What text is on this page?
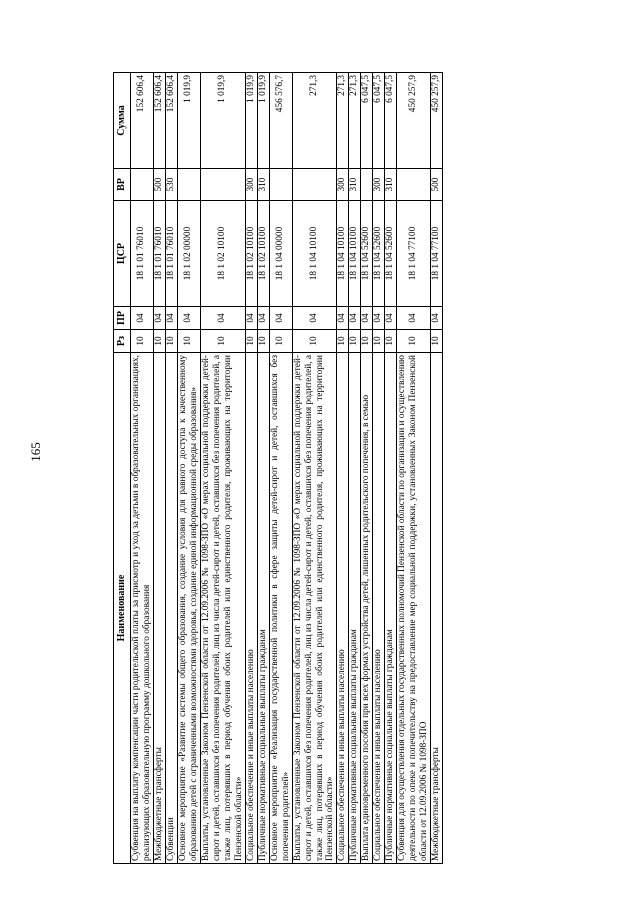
165
Наименование	Рз	ПР	ЦСР	ВР	Сумма
Субвенция на выплату компенсации части родительской платы за присмотр и уход за детьми в образовательных организациях, реализующих образовательную программу дошкольного образования	10	04	18 1 01 76010		152 606,4
Межбюджетные трансферты	10	04	18 1 01 76010	500	152 606,4
Субвенции	10	04	18 1 01 76010	530	152 606,4
Основное мероприятие «Развитие системы общего образования, создание условия для равного доступа к качественному образованию детей с ограниченными возможностями здоровья, создание единой информационной среды образования»	10	04	18 1 02 00000		1 019,9
Выплаты, установленные Законом Пензенской области от 12.09.2006 № 1098-ЗПО «О мерах социальной поддержки детей-сирот и детей, оставшихся без попечения родителей, лиц из числа детей-сирот и детей, оставшихся без попечения родителей, а также лиц, потерявших в период обучения обоих родителей или единственного родителя, проживающих на территории Пензенской области»	10	04	18 1 02 10100		1 019,9
Социальное обеспечение и иные выплаты населению	10	04	18 1 02 10100	300	1 019,9
Публичные нормативные социальные выплаты гражданам	10	04	18 1 02 10100	310	1 019,9
Основное мероприятие «Реализация государственной политики в сфере защиты детей-сирот и детей, оставшихся без попечения родителей»	10	04	18 1 04 00000		456 576,7
Выплаты, установленные Законом Пензенской области от 12.09.2006 № 1098-ЗПО «О мерах социальной поддержки детей-сирот и детей, оставшихся без попечения родителей, лиц из числа детей-сирот и детей, оставшихся без попечения родителей, а также лиц, потерявших в период обучения обоих родителей или единственного родителя, проживающих на территории Пензенской области»	10	04	18 1 04 10100		271,3
Социальное обеспечение и иные выплаты населению	10	04	18 1 04 10100	300	271,3
Публичные нормативные социальные выплаты гражданам	10	04	18 1 04 10100	310	271,3
Выплата единовременного пособия при всех формах устройства детей, лишенных родительского попечения, в семью	10	04	18 1 04 52600		6 047,5
Социальное обеспечение и иные выплаты населению	10	04	18 1 04 52600	300	6 047,5
Публичные нормативные социальные выплаты гражданам	10	04	18 1 04 52600	310	6 047,5
Субвенция для осуществления отдельных государственных полномочий Пензенской области по организации и осуществлению деятельности по опеке и попечительству на предоставление мер социальной поддержки, установленных Законом Пензенской области от 12.09.2006 № 1098-ЗПО	10	04	18 1 04 77100		450 257,9
Межбюджетные трансферты	10	04	18 1 04 77100	500	450 257,9
